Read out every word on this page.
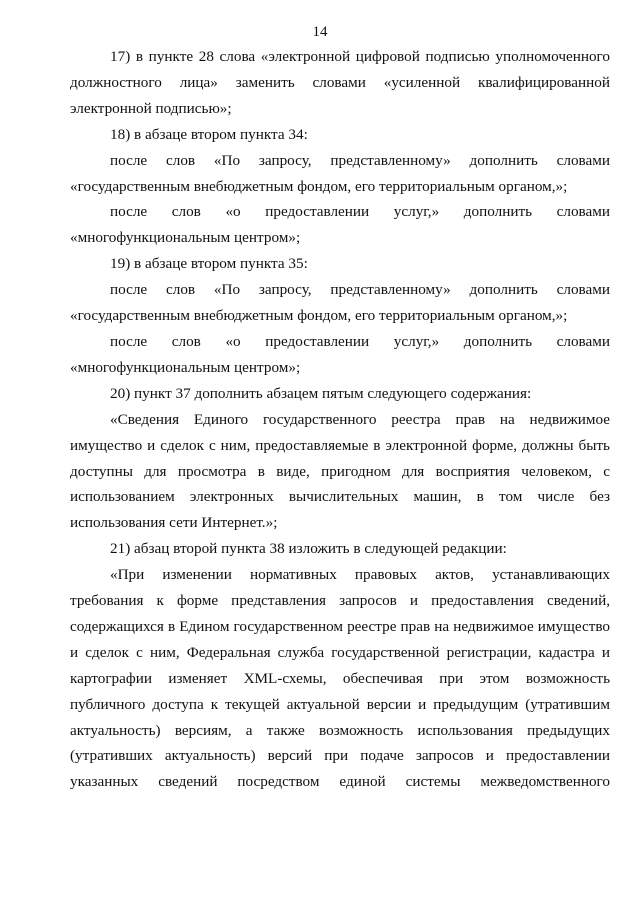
14

17) в пункте 28 слова «электронной цифровой подписью уполномоченного должностного лица» заменить словами «усиленной квалифицированной электронной подписью»;

18) в абзаце втором пункта 34:

после слов «По запросу, представленному» дополнить словами «государственным внебюджетным фондом, его территориальным органом,»;

после слов «о предоставлении услуг,» дополнить словами «многофункциональным центром»;

19) в абзаце втором пункта 35:

после слов «По запросу, представленному» дополнить словами «государственным внебюджетным фондом, его территориальным органом,»;

после слов «о предоставлении услуг,» дополнить словами «многофункциональным центром»;

20) пункт 37 дополнить абзацем пятым следующего содержания:

«Сведения Единого государственного реестра прав на недвижимое имущество и сделок с ним, предоставляемые в электронной форме, должны быть доступны для просмотра в виде, пригодном для восприятия человеком, с использованием электронных вычислительных машин, в том числе без использования сети Интернет.»;

21) абзац второй пункта 38 изложить в следующей редакции:

«При изменении нормативных правовых актов, устанавливающих требования к форме представления запросов и предоставления сведений, содержащихся в Едином государственном реестре прав на недвижимое имущество и сделок с ним, Федеральная служба государственной регистрации, кадастра и картографии изменяет XML-схемы, обеспечивая при этом возможность публичного доступа к текущей актуальной версии и предыдущим (утратившим актуальность) версиям, а также возможность использования предыдущих (утративших актуальность) версий при подаче запросов и предоставлении указанных сведений посредством единой системы межведомственного
